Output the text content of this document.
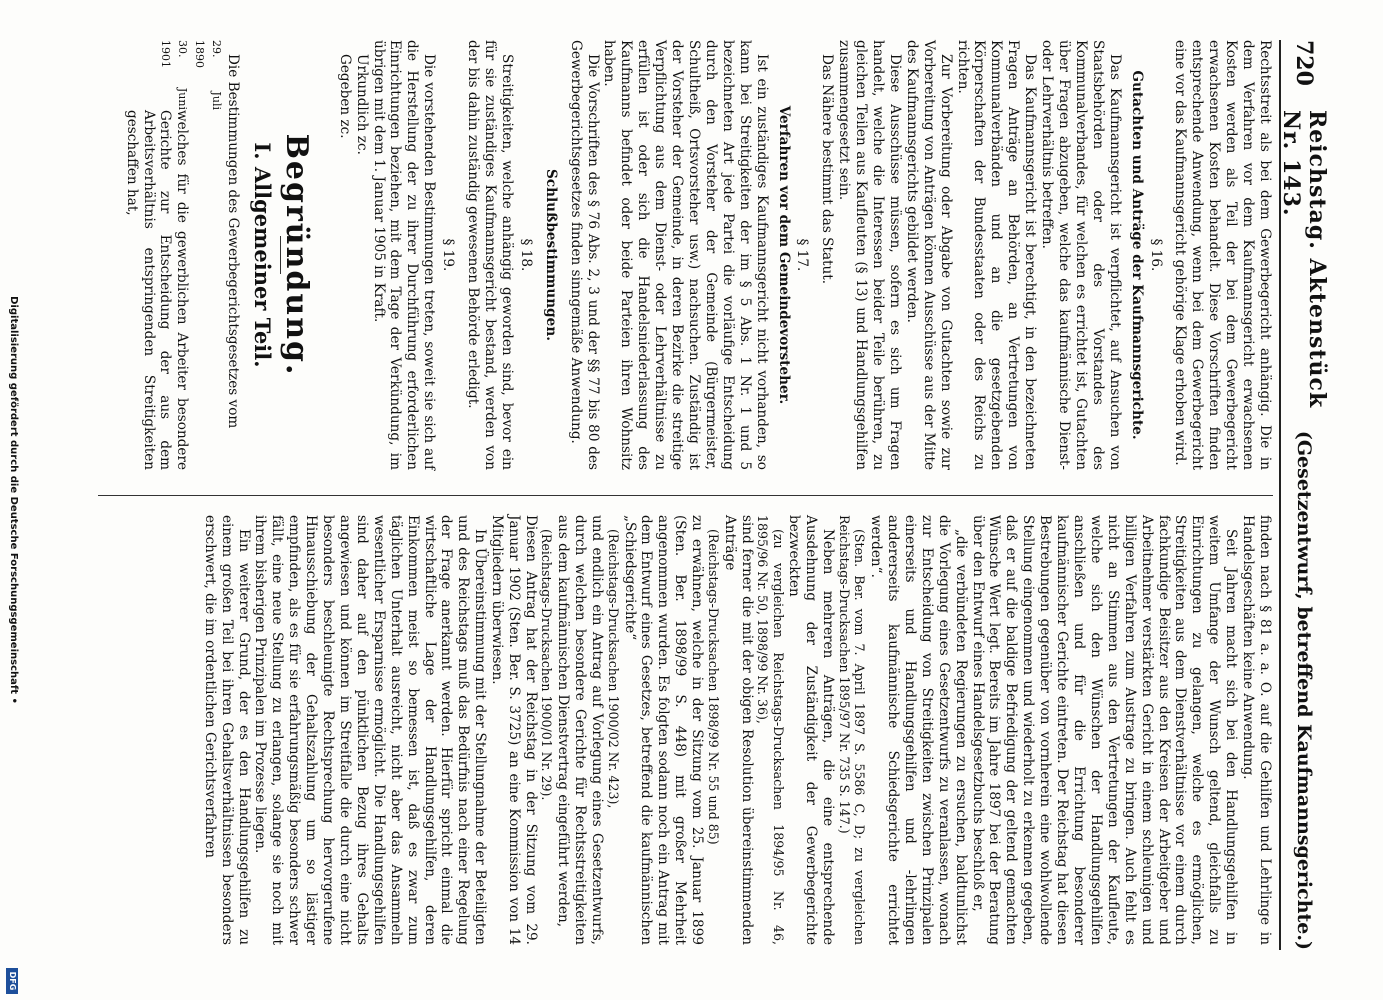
720
Reichstag. Aktenstück Nr. 143.
(Gesetzentwurf, betreffend Kaufmannsgerichte.)

Rechtsstreit als bei dem Gewerbegericht anhängig. Die in dem Verfahren vor dem Kaufmannsgericht erwachsenen Kosten werden als Teil der bei dem Gewerbegericht erwachsenen Kosten behandelt. Diese Vorschriften finden entsprechende Anwendung, wenn bei dem Gewerbegericht eine vor das Kaufmannsgericht gehörige Klage erhoben wird.

§ 16.
Gutachten und Anträge der Kaufmannsgerichte.

Das Kaufmannsgericht ist verpflichtet, auf Ansuchen von Staatsbehörden oder des Vorstandes des Kommunalverbandes, für welchen es errichtet ist, Gutachten über Fragen abzugeben, welche das kaufmännische Dienst- oder Lehrverhältnis betreffen.

Das Kaufmannsgericht ist berechtigt, in den bezeichneten Fragen Anträge an Behörden, an Vertretungen von Kommunalverbänden und an die gesetzgebenden Körperschaften der Bundesstaaten oder des Reichs zu richten.

Zur Vorbereitung oder Abgabe von Gutachten sowie zur Vorbereitung von Anträgen können Ausschüsse aus der Mitte des Kaufmannsgerichts gebildet werden.

Diese Ausschüsse müssen, sofern es sich um Fragen handelt, welche die Interessen beider Teile berühren, zu gleichen Teilen aus Kaufleuten (§ 13) und Handlungsgehilfen zusammengesetzt sein.

Das Nähere bestimmt das Statut.

§ 17.
Verfahren vor dem Gemeindevorsteher.

Ist ein zuständiges Kaufmannsgericht nicht vorhanden, so kann bei Streitigkeiten der im § 5 Abs. 1 Nr. 1 und 5 bezeichneten Art jede Partei die vorläufige Entscheidung durch den Vorsteher der Gemeinde (Bürgermeister, Schultheiß, Ortsvorsteher usw.) nachsuchen. Zuständig ist der Vorsteher der Gemeinde, in deren Bezirke die streitige Verpflichtung aus dem Dienst- oder Lehrverhältnisse zu erfüllen ist oder sich die Handelsniederlassung des Kaufmanns befindet oder beide Parteien ihren Wohnsitz haben.

Die Vorschriften des § 76 Abs. 2, 3 und der §§ 77 bis 80 des Gewerbegerichtsgesetzes finden sinngemäße Anwendung.

Schlußbestimmungen.
§ 18.

Streitigkeiten, welche anhängig geworden sind, bevor ein für sie zuständiges Kaufmannsgericht bestand, werden von der bis dahin zuständig gewesenen Behörde erledigt.

§ 19.

Die vorstehenden Bestimmungen treten, soweit sie sich auf die Herstellung der zu ihrer Durchführung erforderlichen Einrichtungen beziehen, mit dem Tage der Verkündung, im übrigen mit dem 1. Januar 1905 in Kraft.

Urkundlich zc.

Gegeben zc.

Begründung.
I. Allgemeiner Teil.

Die Bestimmungen des Gewerbegerichtsgesetzes vom

29. Juli 1890
30. Juni 1901
welches für die gewerblichen Arbeiter besondere Gerichte zur Entscheidung der aus dem Arbeitsverhältnis entspringenden Streitigkeiten geschaffen hat,

finden nach § 81 a. a. O. auf die Gehilfen und Lehrlinge in Handelsgeschäften keine Anwendung.

Seit Jahren macht sich bei den Handlungsgehilfen in weitem Umfange der Wunsch geltend, gleichfalls zu Einrichtungen zu gelangen, welche es ermöglichen, Streitigkeiten aus dem Dienstverhältnisse vor einem durch fachkundige Beisitzer aus den Kreisen der Arbeitgeber und Arbeitnehmer verstärkten Gericht in einem schleunigen und billigen Verfahren zum Austrage zu bringen. Auch fehlt es nicht an Stimmen aus den Vertretungen der Kaufleute, welche sich den Wünschen der Handlungsgehilfen anschließen und für die Errichtung besonderer kaufmännischer Gerichte eintreten. Der Reichstag hat diesen Bestrebungen gegenüber von vornherein eine wohlwollende Stellung eingenommen und wiederholt zu erkennen gegeben, daß er auf die baldige Befriedigung der geltend gemachten Wünsche Wert legt. Bereits im Jahre 1897 bei der Beratung über den Entwurf eines Handelsgesetzbuchs beschloß er,

„die verbündeten Regierungen zu ersuchen, baldtunlichst die Vorlegung eines Gesetzentwurfs zu veranlassen, wonach zur Entscheidung von Streitigkeiten zwischen Prinzipalen einerseits und Handlungsgehilfen und -lehrlingen andererseits kaufmännische Schiedsgerichte errichtet werden“.

(Sten. Ber. vom 7. April 1897 S. 5586 C, D; zu vergleichen Reichstags-Drucksachen 1895/97 Nr. 735 S. 147.)

Neben mehreren Anträgen, die eine entsprechende Ausdehnung der Zuständigkeit der Gewerbegerichte bezweckten

(zu vergleichen Reichstags-Drucksachen 1894/95 Nr. 46, 1895/96 Nr. 50, 1898/99 Nr. 36),

sind ferner die mit der obigen Resolution übereinstimmenden Anträge

(Reichstags-Drucksachen 1898/99 Nr. 55 und 85)

zu erwähnen, welche in der Sitzung vom 25. Januar 1899 (Sten. Ber. 1898/99 S. 448) mit großer Mehrheit angenommen wurden. Es folgten sodann noch ein Antrag mit dem Entwurf eines Gesetzes, betreffend die kaufmännischen „Schiedsgerichte“

(Reichstags-Drucksachen 1900/02 Nr. 423),

und endlich ein Antrag auf Vorlegung eines Gesetzentwurfs, durch welchen besondere Gerichte für Rechtsstreitigkeiten aus dem kaufmännischen Dienstvertrag eingeführt werden,

(Reichstags-Drucksachen 1900/01 Nr. 29).

Diesen Antrag hat der Reichstag in der Sitzung vom 29. Januar 1902 (Sten. Ber. S. 3725) an eine Kommission von 14 Mitgliedern überwiesen.

In Übereinstimmung mit der Stellungnahme der Beteiligten und des Reichstags muß das Bedürfnis nach einer Regelung der Frage anerkannt werden. Hierfür spricht einmal die wirtschaftliche Lage der Handlungsgehilfen, deren Einkommen meist so bemessen ist, daß es zwar zum täglichen Unterhalt ausreicht, nicht aber das Ansammeln wesentlicher Ersparnisse ermöglicht. Die Handlungsgehilfen sind daher auf den pünktlichen Bezug ihres Gehalts angewiesen und können im Streitfalle die durch eine nicht besonders beschleunigte Rechtsprechung hervorgerufene Hinausschiebung der Gehaltszahlung um so lästiger empfinden, als es für sie erfahrungsmäßig besonders schwer fällt, eine neue Stellung zu erlangen, solange sie noch mit ihrem bisherigen Prinzipalen im Prozesse liegen.

Ein weiterer Grund, der es den Handlungsgehilfen zu einem großen Teil bei ihren Gehaltsverhältnissen besonders erschwert, die im ordentlichen Gerichtsverfahren

Digitalisierung gefördert durch die Deutsche Forschungsgemeinschaft •
DFG
